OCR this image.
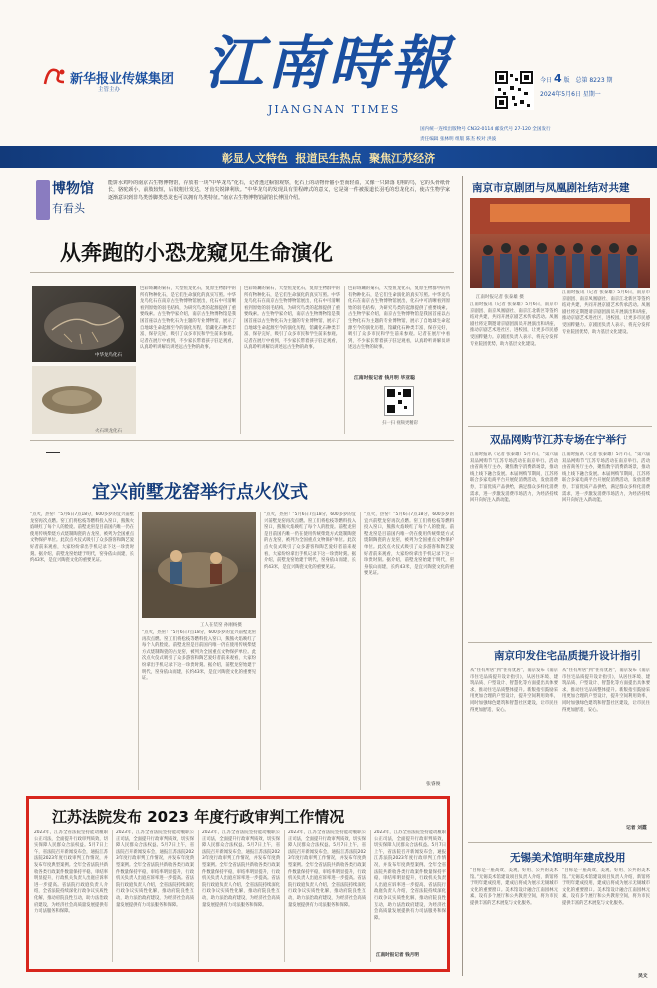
新华报业传媒集团
主管主办 江南時報
JIANGNAN TIMES
今日 4 版 总第 8223 期
2024年5月6日 星期一
国内统一连续出版物号 CN32-0114 邮发代号 27-120 全国发行
责任编辑 张林明 组版 陈杰 校对 洪波
彰显人文特色  报道民生热点  聚焦江苏经济
博物馆
有看头
能饼水鸡吟的南京古生物博物馆，存放着一块“中华龙鸟”化石，记者透过橱窗观察，化石上的动物骨骼小型而轻盈，又像一只降落飞翔的鸟，它的头骨纸骨长，骆驼颈小，前肢较短，后肢粗壮发达，牙齿尖锐锋利状。“中华龙鸟的发现具有里程碑式的意义，它是第一件被报道长羽毛的恐龙化石，使古生物学家逐渐意识到非鸟类兽脚类恐龙也可以拥有鸟类特征。”南京古生物博物馆副馆长傅国介绍。
从奔跑的小恐龙窥见生命演化
中华龙鸟化石
火石坝龙化石
色彩斑斓的菊石，大型鱼龙化石，复原生物群中的所有物种化石，是它们生命演化的真实写照。中华龙鸟化石在南京古生物博物馆展出，化石中可清晰看到原始的羽毛结构，为研究鸟类的起源提供了重要线索。古生物学家介绍，南京古生物博物馆是我国首座以古生物化石为主题的专业博物馆，展示了自地球生命起源至今的演化历程，馆藏化石种类丰富、保存完好，吸引了众多市民和学生前来参观。记者在展厅中看到，不少家长带着孩子驻足观看，认真聆听讲解员讲述远古生物的故事。
色彩斑斓的菊石，大型鱼龙化石，复原生物群中的所有物种化石，是它们生命演化的真实写照。中华龙鸟化石在南京古生物博物馆展出，化石中可清晰看到原始的羽毛结构，为研究鸟类的起源提供了重要线索。古生物学家介绍，南京古生物博物馆是我国首座以古生物化石为主题的专业博物馆，展示了自地球生命起源至今的演化历程，馆藏化石种类丰富、保存完好，吸引了众多市民和学生前来参观。记者在展厅中看到，不少家长带着孩子驻足观看，认真聆听讲解员讲述远古生物的故事。
色彩斑斓的菊石，大型鱼龙化石，复原生物群中的所有物种化石，是它们生命演化的真实写照。中华龙鸟化石在南京古生物博物馆展出，化石中可清晰看到原始的羽毛结构，为研究鸟类的起源提供了重要线索。古生物学家介绍，南京古生物博物馆是我国首座以古生物化石为主题的专业博物馆，展示了自地球生命起源至今的演化历程，馆藏化石种类丰富、保存完好，吸引了众多市民和学生前来参观。记者在展厅中看到，不少家长带着孩子驻足观看，认真聆听讲解员讲述远古生物的故事。
江南时报记者 钱月明 毕亚聪
扫一扫 视频更精彩
宜兴前墅龙窑举行点火仪式
“点火，热窑！”5月6日7点18分，600多岁的宜兴前墅龙窑再次点燃。窑工们将松枝等燃料投入窑口，熊熊火焰映红了每个人的脸庞。前墅龙窑是目前国内唯一仍在使用传统柴烧方式烧制陶瓷的古龙窑，被列为全国重点文物保护单位。此次点火仪式吸引了众多游客和陶艺爱好者前来观看，大家纷纷拿出手机记录下这一珍贵时刻。据介绍，前墅龙窑始建于明代，窑身依山而建，长约43米，是宜兴陶瓷文化的重要见证。
工人在装窑 孙刚杨摄
“点火，热窑！”5月6日7点18分，600多岁的宜兴前墅龙窑再次点燃。窑工们将松枝等燃料投入窑口，熊熊火焰映红了每个人的脸庞。前墅龙窑是目前国内唯一仍在使用传统柴烧方式烧制陶瓷的古龙窑，被列为全国重点文物保护单位。此次点火仪式吸引了众多游客和陶艺爱好者前来观看，大家纷纷拿出手机记录下这一珍贵时刻。据介绍，前墅龙窑始建于明代，窑身依山而建，长约43米，是宜兴陶瓷文化的重要见证。
“点火，热窑！”5月6日7点18分，600多岁的宜兴前墅龙窑再次点燃。窑工们将松枝等燃料投入窑口，熊熊火焰映红了每个人的脸庞。前墅龙窑是目前国内唯一仍在使用传统柴烧方式烧制陶瓷的古龙窑，被列为全国重点文物保护单位。此次点火仪式吸引了众多游客和陶艺爱好者前来观看，大家纷纷拿出手机记录下这一珍贵时刻。据介绍，前墅龙窑始建于明代，窑身依山而建，长约43米，是宜兴陶瓷文化的重要见证。
“点火，热窑！”5月6日7点18分，600多岁的宜兴前墅龙窑再次点燃。窑工们将松枝等燃料投入窑口，熊熊火焰映红了每个人的脸庞。前墅龙窑是目前国内唯一仍在使用传统柴烧方式烧制陶瓷的古龙窑，被列为全国重点文物保护单位。此次点火仪式吸引了众多游客和陶艺爱好者前来观看，大家纷纷拿出手机记录下这一珍贵时刻。据介绍，前墅龙窑始建于明代，窑身依山而建，长约43米，是宜兴陶瓷文化的重要见证。
张睿俊
江苏法院发布 2023 年度行政审判工作情况
2023年，江苏全省法院坚持能动履职公正司法，全面提升行政审判质效，切实保障人民群众合法权益。5月7日上午，省法院召开新闻发布会，通报江苏法院2023年度行政审判工作情况，并发布年度典型案例。全年全省法院共新收各类行政案件数量保持平稳，审结率明显提升，行政机关负责人出庭应诉率进一步提高。省法院行政庭负责人介绍，全省法院持续深化行政争议实质性化解，推动府院良性互动，助力法治政府建设，为经济社会高质量发展提供有力司法服务和保障。
2023年，江苏全省法院坚持能动履职公正司法，全面提升行政审判质效，切实保障人民群众合法权益。5月7日上午，省法院召开新闻发布会，通报江苏法院2023年度行政审判工作情况，并发布年度典型案例。全年全省法院共新收各类行政案件数量保持平稳，审结率明显提升，行政机关负责人出庭应诉率进一步提高。省法院行政庭负责人介绍，全省法院持续深化行政争议实质性化解，推动府院良性互动，助力法治政府建设，为经济社会高质量发展提供有力司法服务和保障。
2023年，江苏全省法院坚持能动履职公正司法，全面提升行政审判质效，切实保障人民群众合法权益。5月7日上午，省法院召开新闻发布会，通报江苏法院2023年度行政审判工作情况，并发布年度典型案例。全年全省法院共新收各类行政案件数量保持平稳，审结率明显提升，行政机关负责人出庭应诉率进一步提高。省法院行政庭负责人介绍，全省法院持续深化行政争议实质性化解，推动府院良性互动，助力法治政府建设，为经济社会高质量发展提供有力司法服务和保障。
2023年，江苏全省法院坚持能动履职公正司法，全面提升行政审判质效，切实保障人民群众合法权益。5月7日上午，省法院召开新闻发布会，通报江苏法院2023年度行政审判工作情况，并发布年度典型案例。全年全省法院共新收各类行政案件数量保持平稳，审结率明显提升，行政机关负责人出庭应诉率进一步提高。省法院行政庭负责人介绍，全省法院持续深化行政争议实质性化解，推动府院良性互动，助力法治政府建设，为经济社会高质量发展提供有力司法服务和保障。
2023年，江苏全省法院坚持能动履职公正司法，全面提升行政审判质效，切实保障人民群众合法权益。5月7日上午，省法院召开新闻发布会，通报江苏法院2023年度行政审判工作情况，并发布年度典型案例。全年全省法院共新收各类行政案件数量保持平稳，审结率明显提升，行政机关负责人出庭应诉率进一步提高。省法院行政庭负责人介绍，全省法院持续深化行政争议实质性化解，推动府院良性互动，助力法治政府建设，为经济社会高质量发展提供有力司法服务和保障。
江南时报记者 钱月明
南京市京剧团与凤凰剧社结对共建
江南时报记者 张泰雄 摄
江南时报讯（记者 张泰雄）5月6日，南京市京剧团、南京凤凰剧社、南京江北新区等签约结对共建，共同开展京剧艺术传承活动。凤凰剧社将定期邀请京剧团演员开展演出和讲座，推动京剧艺术进社区、进校园，让更多市民感受国粹魅力。京剧团负责人表示，将充分发挥专业院团优势，助力基层文化建设。
江南时报讯（记者 张泰雄）5月6日，南京市京剧团、南京凤凰剧社、南京江北新区等签约结对共建，共同开展京剧艺术传承活动。凤凰剧社将定期邀请京剧团演员开展演出和讲座，推动京剧艺术进社区、进校园，让更多市民感受国粹魅力。京剧团负责人表示，将充分发挥专业院团优势，助力基层文化建设。
双品网购节江苏专场在宁举行
江南时报讯（记者 张泰雄）5月7日，“第六届双品网购节”江苏专场活动在南京举行。活动由省商务厅主办，聚焦数字消费新场景，推动线上线下融合发展。本届网购节期间，江苏将联合多家电商平台开展促消费活动，发放消费券，丰富优质产品供给，满足群众多样化消费需求，进一步激发消费市场活力，为经济持续回升向好注入新动能。
江南时报讯（记者 张泰雄）5月7日，“第六届双品网购节”江苏专场活动在南京举行。活动由省商务厅主办，聚焦数字消费新场景，推动线上线下融合发展。本届网购节期间，江苏将联合多家电商平台开展促消费活动，发放消费券，丰富优质产品供给，满足群众多样化消费需求，进一步激发消费市场活力，为经济持续回升向好注入新动能。
南京印发住宅品质提升设计指引
从“住有所居”到“住有优居”，南京发布《南京市住宅品质提升设计指引》，从居住环境、建筑品质、户型设计、智慧化等方面提出具体要求，推动住宅品质整体提升。新版指引鼓励采用更加合理的户型设计，提升空间利用效率，同时加强绿色建筑和智慧社区建设，让市民住得更加舒适、安心。
从“住有所居”到“住有优居”，南京发布《南京市住宅品质提升设计指引》，从居住环境、建筑品质、户型设计、智慧化等方面提出具体要求，推动住宅品质整体提升。新版指引鼓励采用更加合理的户型设计，提升空间利用效率，同时加强绿色建筑和智慧社区建设，让市民住得更加舒适、安心。
记者 刘霞
无锡美术馆明年建成投用
“目标是一座高效、美观、好用、公共的美术馆。”无锡美术馆建设项目负责人介绍，新馆将于明年建成投用，建成后将成为展示无锡城市文化的重要窗口。美术馆设计融合江南园林元素，设有多个展厅和公共教育空间，将为市民提供丰富的艺术展览与文化服务。
“目标是一座高效、美观、好用、公共的美术馆。”无锡美术馆建设项目负责人介绍，新馆将于明年建成投用，建成后将成为展示无锡城市文化的重要窗口。美术馆设计融合江南园林元素，设有多个展厅和公共教育空间，将为市民提供丰富的艺术展览与文化服务。
吴文
